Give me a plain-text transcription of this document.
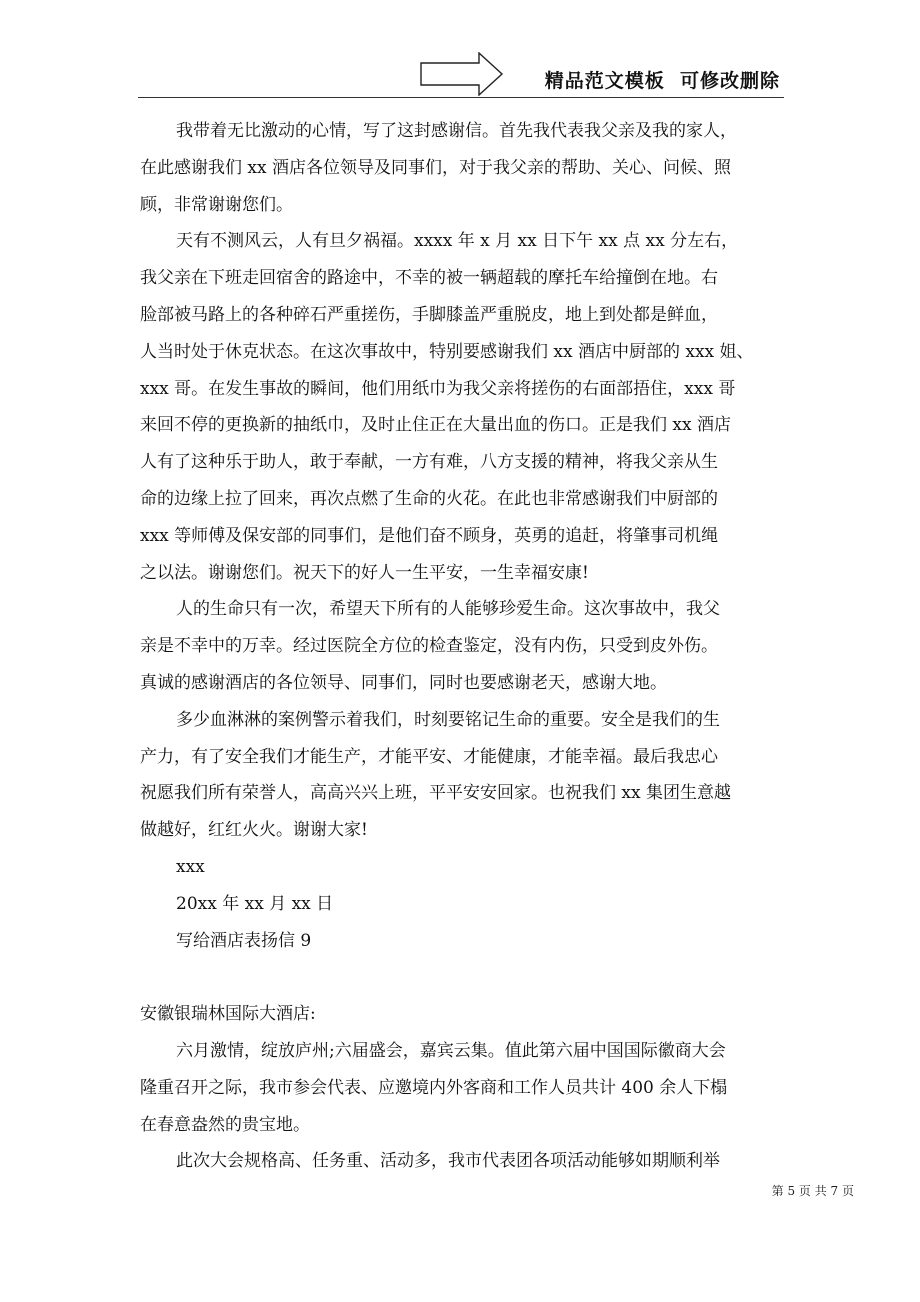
精品范文模板  可修改删除
我带着无比激动的心情，写了这封感谢信。首先我代表我父亲及我的家人，
在此感谢我们 xx 酒店各位领导及同事们，对于我父亲的帮助、关心、问候、照
顾，非常谢谢您们。
天有不测风云，人有旦夕祸福。xxxx 年 x 月 xx 日下午 xx 点 xx 分左右，
我父亲在下班走回宿舍的路途中，不幸的被一辆超载的摩托车给撞倒在地。右
脸部被马路上的各种碎石严重搓伤，手脚膝盖严重脱皮，地上到处都是鲜血，
人当时处于休克状态。在这次事故中，特别要感谢我们 xx 酒店中厨部的 xxx 姐、
xxx 哥。在发生事故的瞬间，他们用纸巾为我父亲将搓伤的右面部捂住，xxx 哥
来回不停的更换新的抽纸巾，及时止住正在大量出血的伤口。正是我们 xx 酒店
人有了这种乐于助人，敢于奉献，一方有难，八方支援的精神，将我父亲从生
命的边缘上拉了回来，再次点燃了生命的火花。在此也非常感谢我们中厨部的
xxx 等师傅及保安部的同事们，是他们奋不顾身，英勇的追赶，将肇事司机绳
之以法。谢谢您们。祝天下的好人一生平安，一生幸福安康!
人的生命只有一次，希望天下所有的人能够珍爱生命。这次事故中，我父
亲是不幸中的万幸。经过医院全方位的检查鉴定，没有内伤，只受到皮外伤。
真诚的感谢酒店的各位领导、同事们，同时也要感谢老天，感谢大地。
多少血淋淋的案例警示着我们，时刻要铭记生命的重要。安全是我们的生
产力，有了安全我们才能生产，才能平安、才能健康，才能幸福。最后我忠心
祝愿我们所有荣誉人，高高兴兴上班，平平安安回家。也祝我们 xx 集团生意越
做越好，红红火火。谢谢大家!
xxx
20xx 年 xx 月 xx 日
写给酒店表扬信 9
安徽银瑞林国际大酒店:
六月激情，绽放庐州;六届盛会，嘉宾云集。值此第六届中国国际徽商大会
隆重召开之际，我市参会代表、应邀境内外客商和工作人员共计 400 余人下榻
在春意盎然的贵宝地。
此次大会规格高、任务重、活动多，我市代表团各项活动能够如期顺利举
第 5 页 共 7 页
